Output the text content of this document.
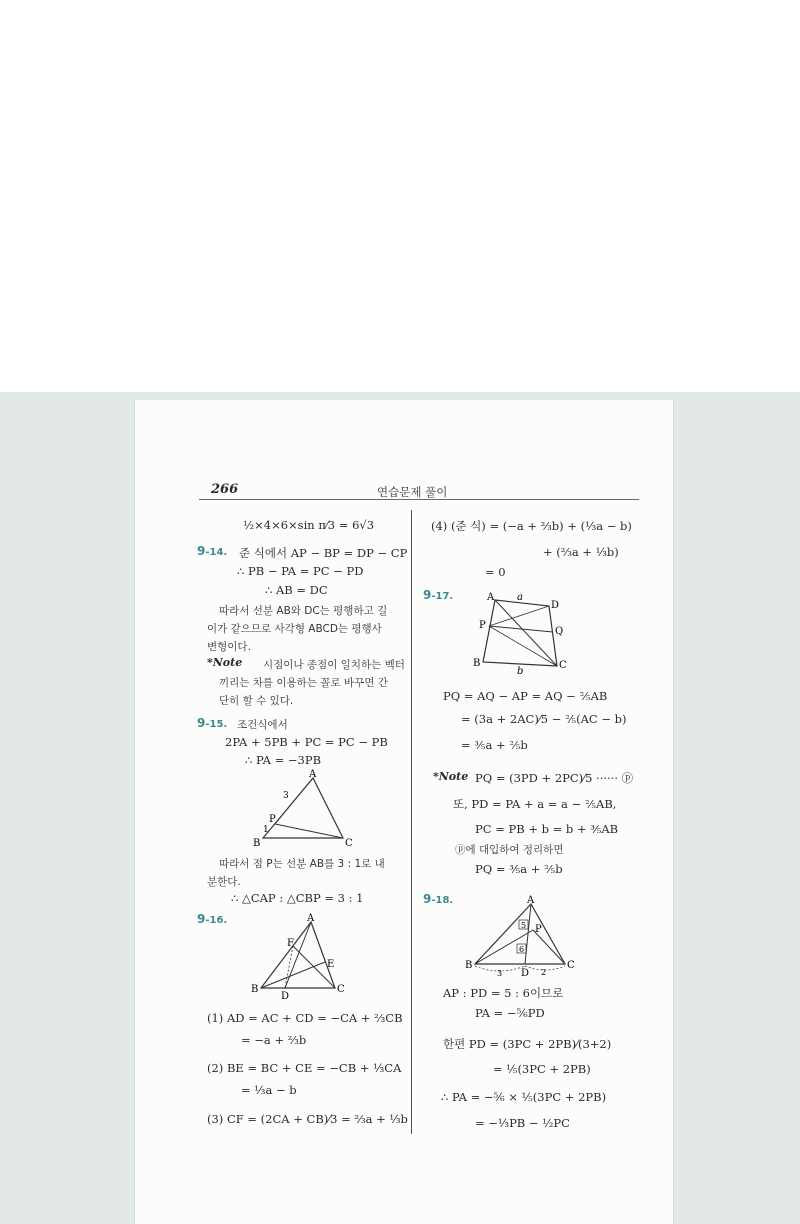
266	연습문제 풀이
½×4×6×sin π⁄3 = 6√3
9-14. 준 식에서 AP − BP = DP − CP
∴ PB − PA = PC − PD
∴ AB = DC
따라서 선분 AB와 DC는 평행하고 길
이가 같으므로 사각형 ABCD는 평행사
변형이다.
*Note 시점이나 종점이 일치하는 벡터
끼리는 차를 이용하는 꼴로 바꾸면 간
단히 할 수 있다.
9-15. 조건식에서
2PA + 5PB + PC = PC − PB
∴ PA = −3PB
A
3
P
1
B	C
따라서 점 P는 선분 AB를 3 : 1로 내
분한다.
∴ △CAP : △CBP = 3 : 1
9-16.	A
F
E
B
D
C
(1) AD = AC + CD = −CA + ⅔CB
= −a + ⅔b
(2) BE = BC + CE = −CB + ⅓CA
= ⅓a − b
(3) CF = (2CA + CB)⁄3 = ⅔a + ⅓b
(4) (준 식) = (−a + ⅔b) + (⅓a − b)
+ (⅔a + ⅓b)
= 0
9-17.	A a
D
P
Q
B
b
C
PQ = AQ − AP = AQ − ⅖AB
= (3a + 2AC)⁄5 − ⅖(AC − b)
= ⅗a + ⅖b
*Note PQ = (3PD + 2PC)⁄5 ······ ⓟ
또, PD = PA + a = a − ⅖AB,
PC = PB + b = b + ⅗AB
ⓟ에 대입하여 정리하면
PQ = ⅗a + ⅖b
9-18.	A
5 P
6
B
3 D 2
C
AP : PD = 5 : 6이므로
PA = −⅚PD
한편 PD = (3PC + 2PB)⁄(3+2)
= ⅕(3PC + 2PB)
∴ PA = −⅚ × ⅕(3PC + 2PB)
= −⅓PB − ½PC
